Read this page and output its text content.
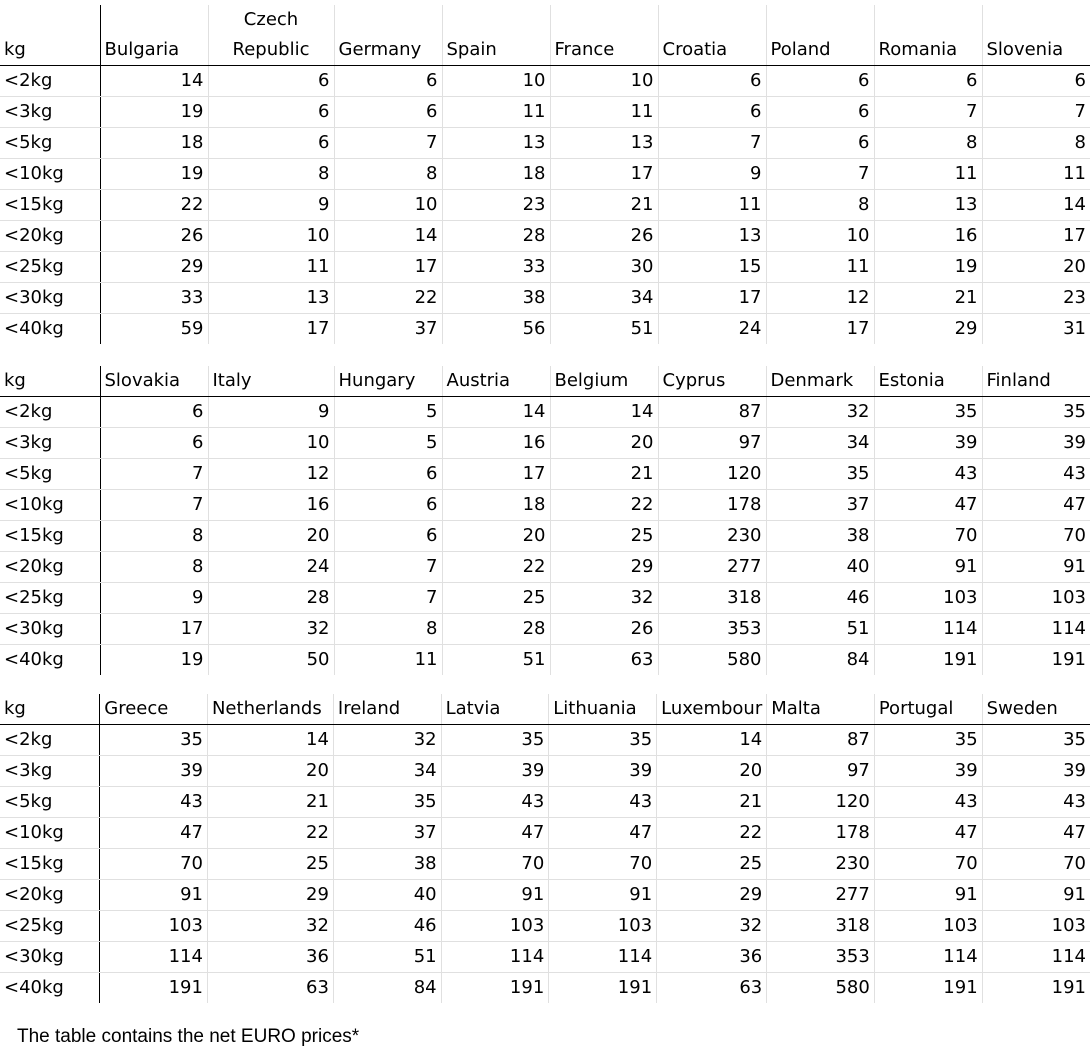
kg	Bulgaria	Czech Republic	Germany	Spain	France	Croatia	Poland	Romania	Slovenia
<2kg	14	6	6	10	10	6	6	6	6
<3kg	19	6	6	11	11	6	6	7	7
<5kg	18	6	7	13	13	7	6	8	8
<10kg	19	8	8	18	17	9	7	11	11
<15kg	22	9	10	23	21	11	8	13	14
<20kg	26	10	14	28	26	13	10	16	17
<25kg	29	11	17	33	30	15	11	19	20
<30kg	33	13	22	38	34	17	12	21	23
<40kg	59	17	37	56	51	24	17	29	31
kg	Slovakia	Italy	Hungary	Austria	Belgium	Cyprus	Denmark	Estonia	Finland
<2kg	6	9	5	14	14	87	32	35	35
<3kg	6	10	5	16	20	97	34	39	39
<5kg	7	12	6	17	21	120	35	43	43
<10kg	7	16	6	18	22	178	37	47	47
<15kg	8	20	6	20	25	230	38	70	70
<20kg	8	24	7	22	29	277	40	91	91
<25kg	9	28	7	25	32	318	46	103	103
<30kg	17	32	8	28	26	353	51	114	114
<40kg	19	50	11	51	63	580	84	191	191
kg	Greece	Netherlands	Ireland	Latvia	Lithuania	Luxembour	Malta	Portugal	Sweden
<2kg	35	14	32	35	35	14	87	35	35
<3kg	39	20	34	39	39	20	97	39	39
<5kg	43	21	35	43	43	21	120	43	43
<10kg	47	22	37	47	47	22	178	47	47
<15kg	70	25	38	70	70	25	230	70	70
<20kg	91	29	40	91	91	29	277	91	91
<25kg	103	32	46	103	103	32	318	103	103
<30kg	114	36	51	114	114	36	353	114	114
<40kg	191	63	84	191	191	63	580	191	191
The table contains the net EURO prices*
